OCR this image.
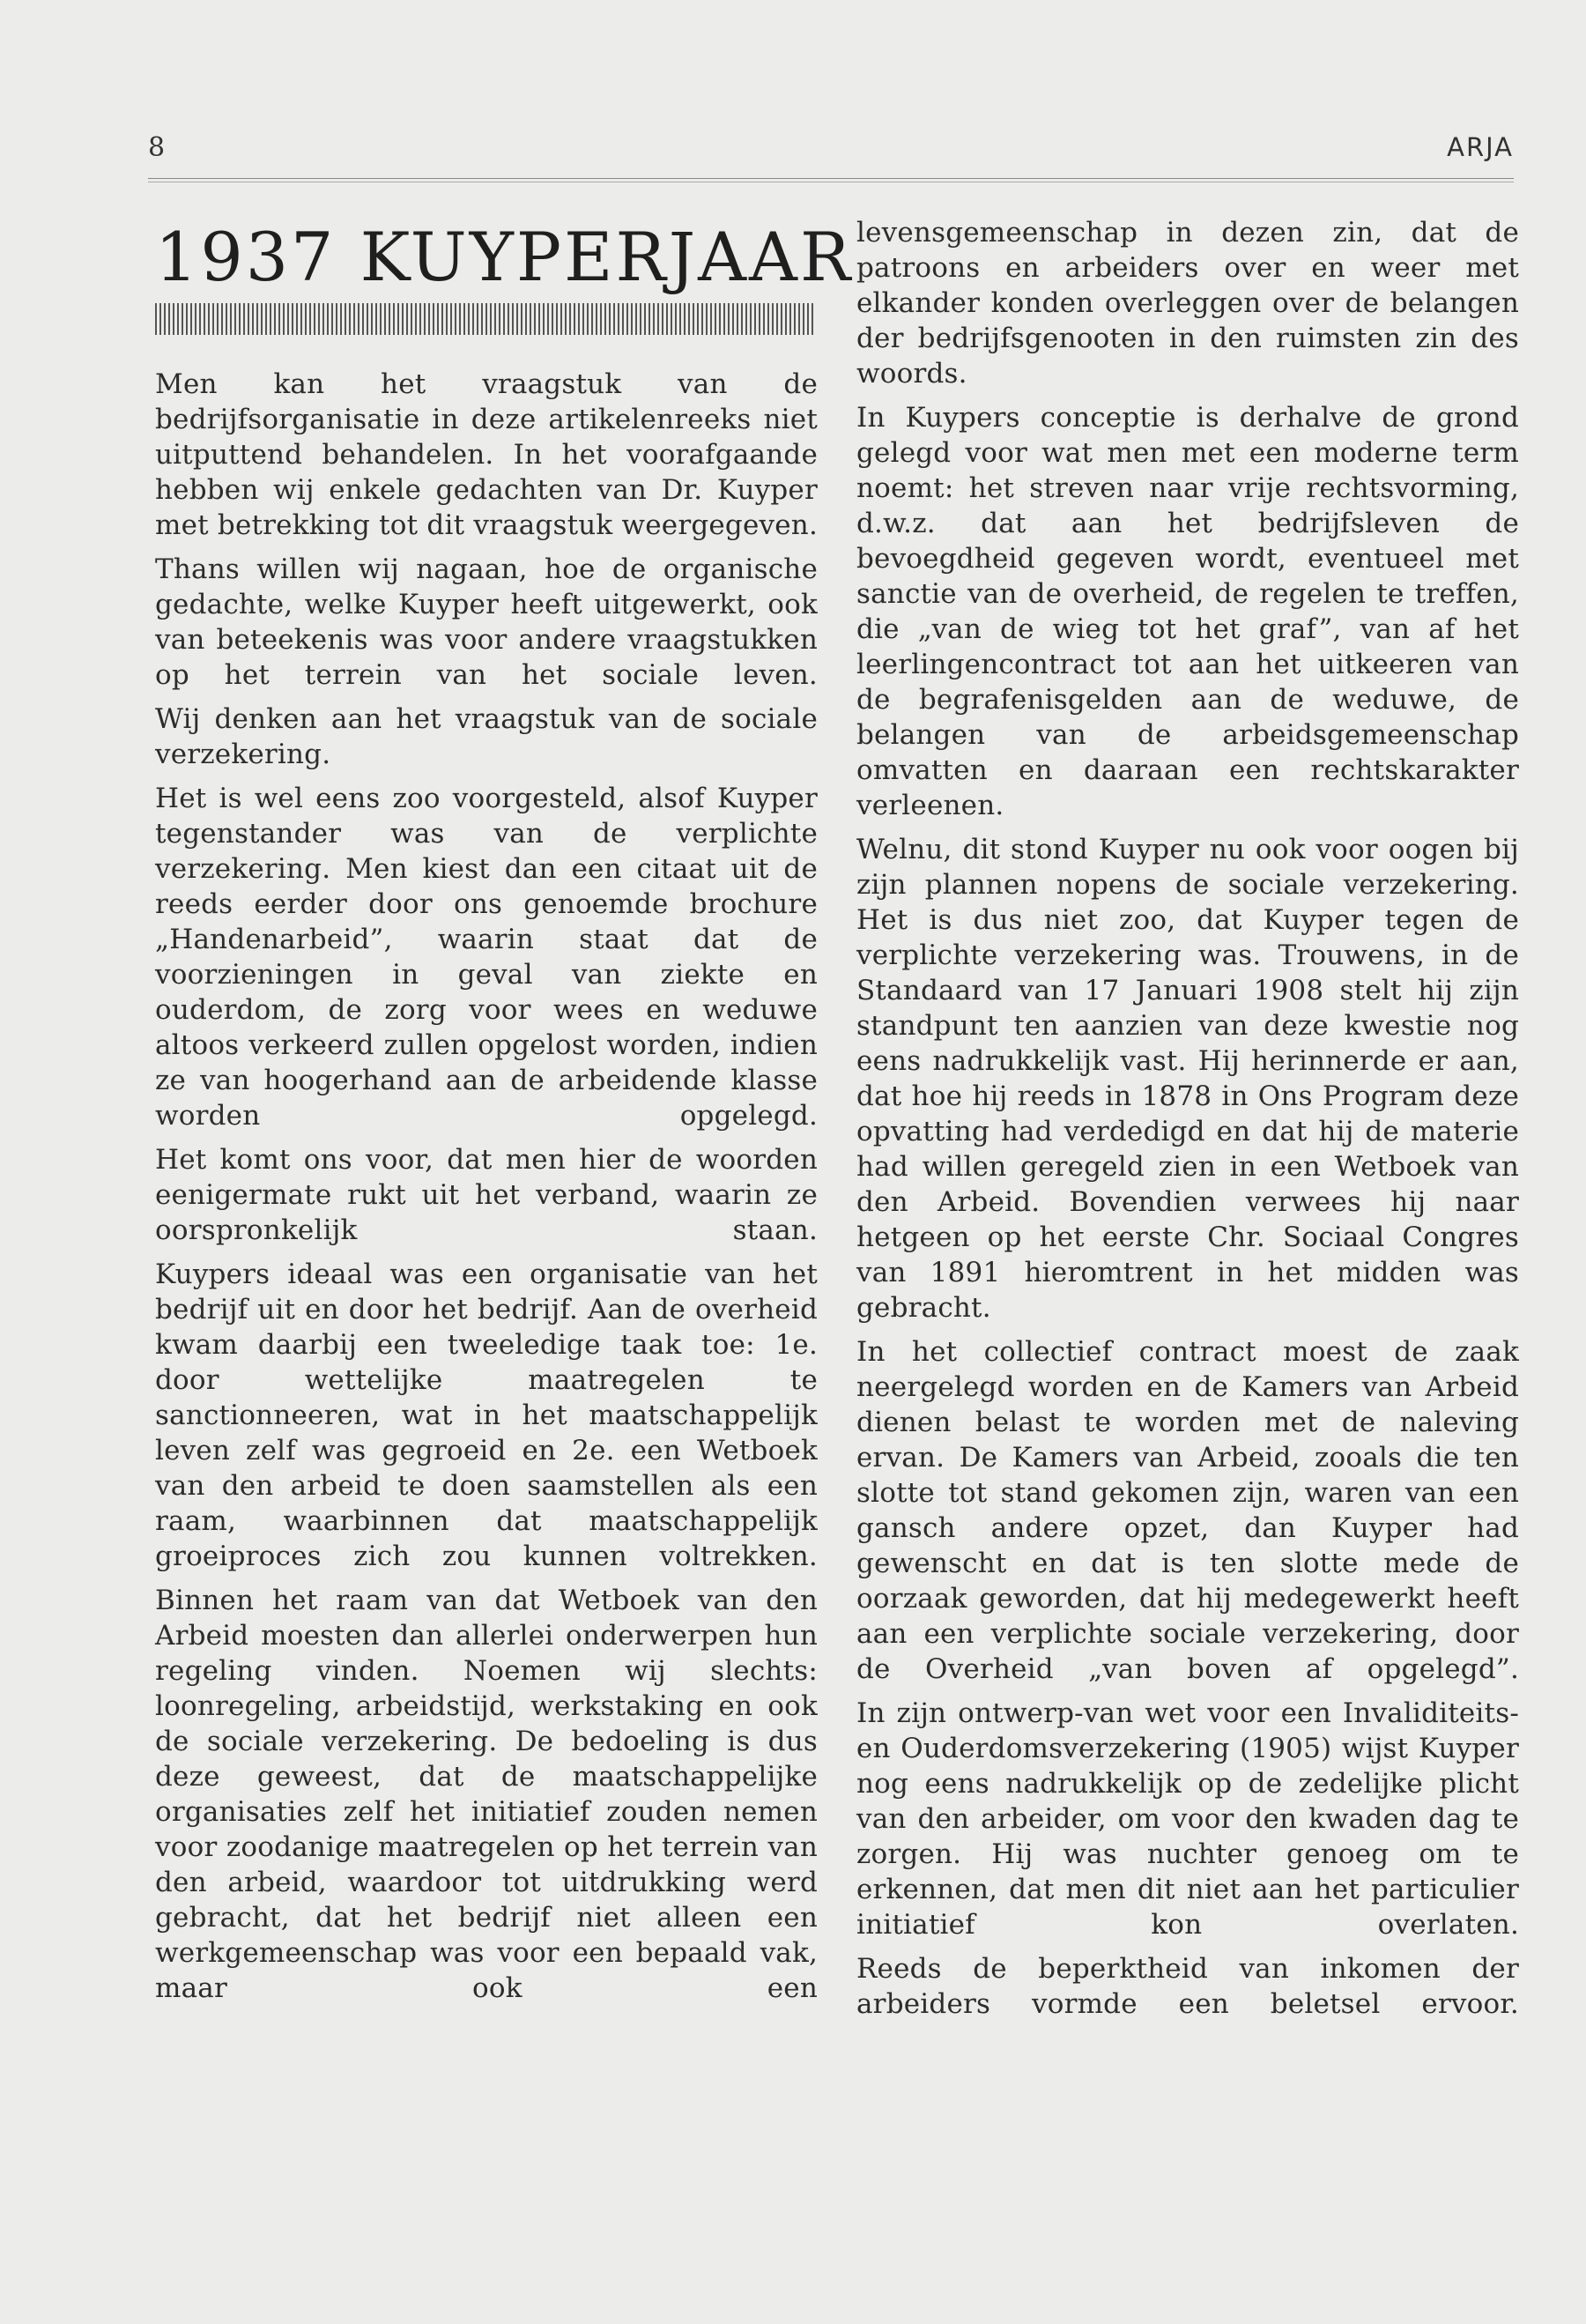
8	ARJA
1937 KUYPERJAAR

Men kan het vraagstuk van de bedrijfsorganisatie in deze artikelenreeks niet uitputtend behandelen. In het voorafgaande hebben wij enkele gedachten van Dr. Kuyper met betrekking tot dit vraagstuk weergegeven.

Thans willen wij nagaan, hoe de organische gedachte, welke Kuyper heeft uitgewerkt, ook van beteekenis was voor andere vraagstukken op het terrein van het sociale leven.

Wij denken aan het vraagstuk van de sociale verzekering.

Het is wel eens zoo voorgesteld, alsof Kuyper tegenstander was van de verplichte verzekering. Men kiest dan een citaat uit de reeds eerder door ons genoemde brochure „Handenarbeid”, waarin staat dat de voorzieningen in geval van ziekte en ouderdom, de zorg voor wees en weduwe altoos verkeerd zullen opgelost worden, indien ze van hoogerhand aan de arbeidende klasse worden opgelegd.

Het komt ons voor, dat men hier de woorden eenigermate rukt uit het verband, waarin ze oorspronkelijk staan.

Kuypers ideaal was een organisatie van het bedrijf uit en door het bedrijf. Aan de overheid kwam daarbij een tweeledige taak toe: 1e. door wettelijke maatregelen te sanctionneeren, wat in het maatschappelijk leven zelf was gegroeid en 2e. een Wetboek van den arbeid te doen saamstellen als een raam, waarbinnen dat maatschappelijk groeiproces zich zou kunnen voltrekken.

Binnen het raam van dat Wetboek van den Arbeid moesten dan allerlei onderwerpen hun regeling vinden. Noemen wij slechts: loonregeling, arbeidstijd, werkstaking en ook de sociale verzekering. De bedoeling is dus deze geweest, dat de maatschappelijke organisaties zelf het initiatief zouden nemen voor zoodanige maatregelen op het terrein van den arbeid, waardoor tot uitdrukking werd gebracht, dat het bedrijf niet alleen een werkgemeenschap was voor een bepaald vak, maar ook een

levensgemeenschap in dezen zin, dat de patroons en arbeiders over en weer met elkander konden overleggen over de belangen der bedrijfsgenooten in den ruimsten zin des woords.

In Kuypers conceptie is derhalve de grond gelegd voor wat men met een moderne term noemt: het streven naar vrije rechtsvorming, d.w.z. dat aan het bedrijfsleven de bevoegdheid gegeven wordt, eventueel met sanctie van de overheid, de regelen te treffen, die „van de wieg tot het graf”, van af het leerlingencontract tot aan het uitkeeren van de begrafenisgelden aan de weduwe, de belangen van de arbeidsgemeenschap omvatten en daaraan een rechtskarakter verleenen.

Welnu, dit stond Kuyper nu ook voor oogen bij zijn plannen nopens de sociale verzekering. Het is dus niet zoo, dat Kuyper tegen de verplichte verzekering was. Trouwens, in de Standaard van 17 Januari 1908 stelt hij zijn standpunt ten aanzien van deze kwestie nog eens nadrukkelijk vast. Hij herinnerde er aan, dat hoe hij reeds in 1878 in Ons Program deze opvatting had verdedigd en dat hij de materie had willen geregeld zien in een Wetboek van den Arbeid. Bovendien verwees hij naar hetgeen op het eerste Chr. Sociaal Congres van 1891 hieromtrent in het midden was gebracht.

In het collectief contract moest de zaak neergelegd worden en de Kamers van Arbeid dienen belast te worden met de naleving ervan. De Kamers van Arbeid, zooals die ten slotte tot stand gekomen zijn, waren van een gansch andere opzet, dan Kuyper had gewenscht en dat is ten slotte mede de oorzaak geworden, dat hij medegewerkt heeft aan een verplichte sociale verzekering, door de Overheid „van boven af opgelegd”.

In zijn ontwerp-van wet voor een Invaliditeits- en Ouderdomsverzekering (1905) wijst Kuyper nog eens nadrukkelijk op de zedelijke plicht van den arbeider, om voor den kwaden dag te zorgen. Hij was nuchter genoeg om te erkennen, dat men dit niet aan het particulier initiatief kon overlaten.

Reeds de beperktheid van inkomen der arbeiders vormde een beletsel ervoor.
